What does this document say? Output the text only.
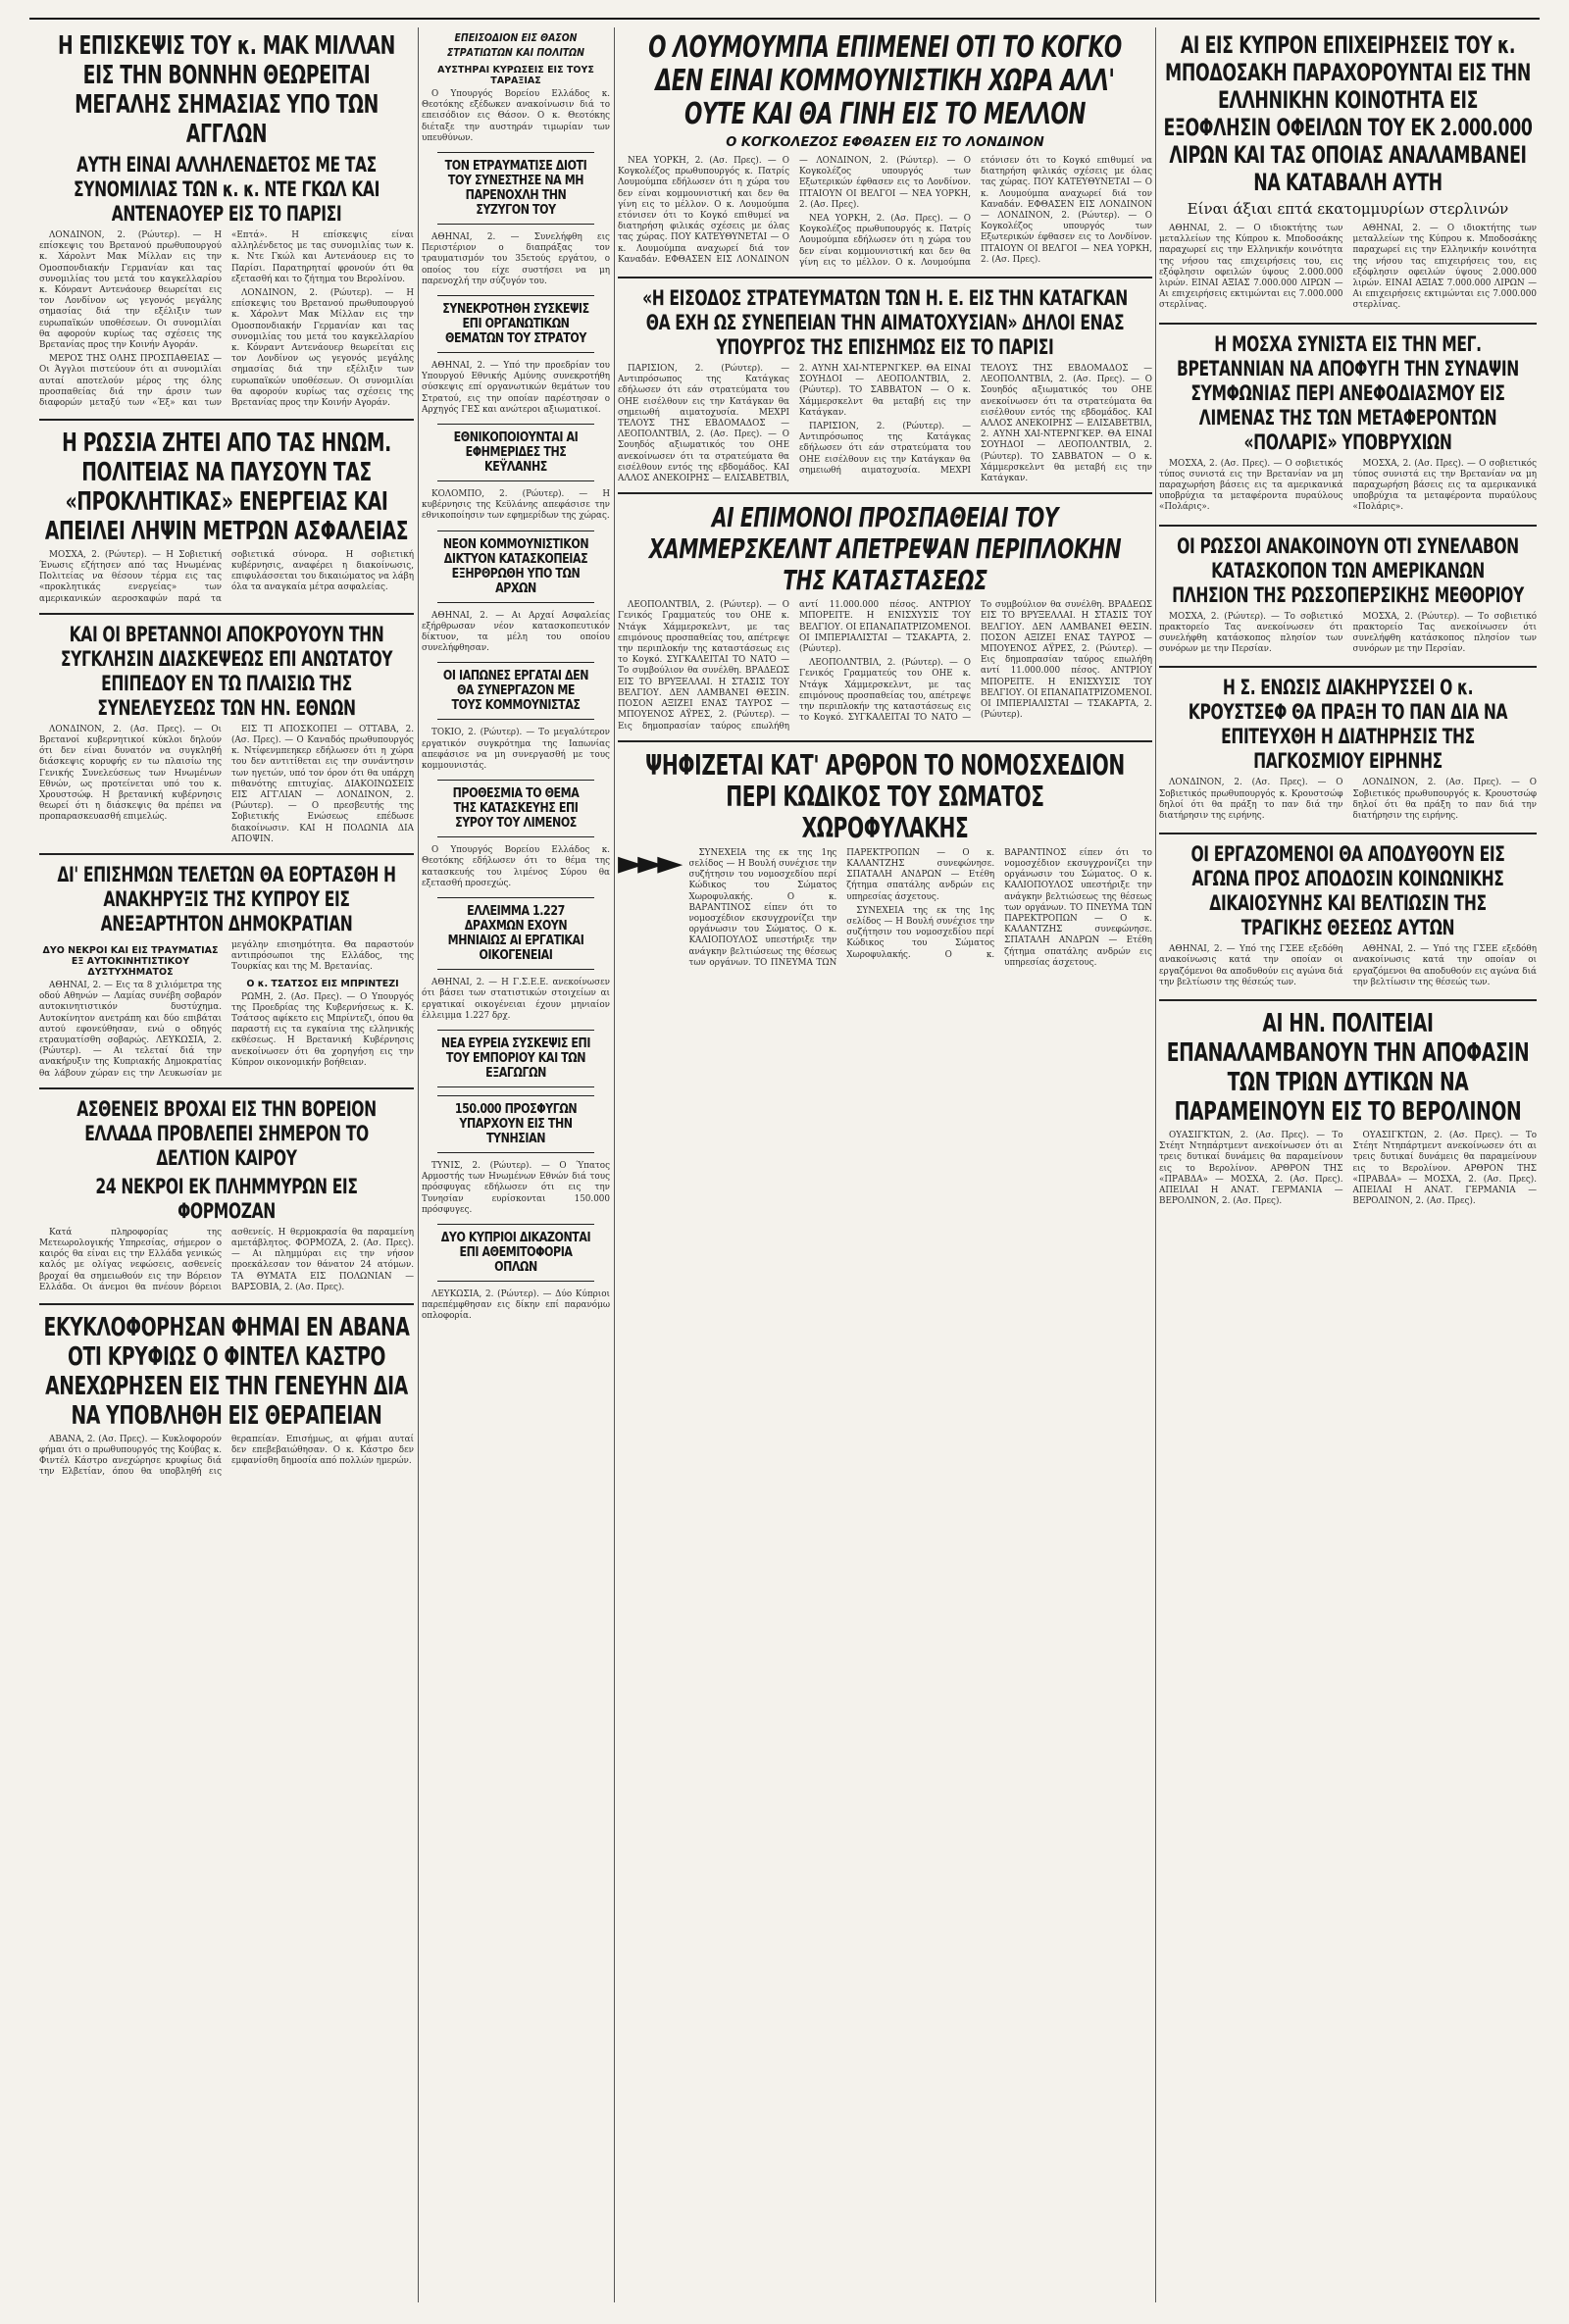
Η ΕΠΙΣΚΕΨΙΣ ΤΟΥ κ. ΜΑΚ ΜΙΛΛΑΝ ΕΙΣ ΤΗΝ ΒΟΝΝΗΝ ΘΕΩΡΕΙΤΑΙ ΜΕΓΑΛΗΣ ΣΗΜΑΣΙΑΣ ΥΠΟ ΤΩΝ ΑΓΓΛΩΝ
ΑΥΤΗ ΕΙΝΑΙ ΑΛΛΗΛΕΝΔΕΤΟΣ ΜΕ ΤΑΣ ΣΥΝΟΜΙΛΙΑΣ ΤΩΝ κ. κ. ΝΤΕ ΓΚΩΛ ΚΑΙ ΑΝΤΕΝΑΟΥΕΡ ΕΙΣ ΤΟ ΠΑΡΙΣΙ

ΛΟΝΔΙΝΟΝ, 2. (Ρώυτερ). — Η επίσκεψις του Βρετανού πρωθυπουργού κ. Χάρολντ Μακ Μίλλαν εις την Ομοσπονδιακήν Γερμανίαν και τας συνομιλίας του μετά του καγκελλαρίου κ. Κόνραντ Αντενάουερ θεωρείται εις τον Λονδίνον ως γεγονός μεγάλης σημασίας διά την εξέλιξιν των ευρωπαϊκών υποθέσεων. Οι συνομιλίαι θα αφορούν κυρίως τας σχέσεις της Βρετανίας προς την Κοινήν Αγοράν.

ΜΕΡΟΣ ΤΗΣ ΟΛΗΣ ΠΡΟΣΠΑΘΕΙΑΣ — Οι Άγγλοι πιστεύουν ότι αι συνομιλίαι αυταί αποτελούν μέρος της όλης προσπαθείας διά την άρσιν των διαφορών μεταξύ των «Έξ» και των «Επτά». Η επίσκεψις είναι αλληλένδετος με τας συνομιλίας των κ. κ. Ντε Γκώλ και Αντενάουερ εις το Παρίσι. Παρατηρηταί φρονούν ότι θα εξετασθή και το ζήτημα του Βερολίνου.

ΛΟΝΔΙΝΟΝ, 2. (Ρώυτερ). — Η επίσκεψις του Βρετανού πρωθυπουργού κ. Χάρολντ Μακ Μίλλαν εις την Ομοσπονδιακήν Γερμανίαν και τας συνομιλίας του μετά του καγκελλαρίου κ. Κόνραντ Αντενάουερ θεωρείται εις τον Λονδίνον ως γεγονός μεγάλης σημασίας διά την εξέλιξιν των ευρωπαϊκών υποθέσεων. Οι συνομιλίαι θα αφορούν κυρίως τας σχέσεις της Βρετανίας προς την Κοινήν Αγοράν.

Η ΡΩΣΣΙΑ ΖΗΤΕΙ ΑΠΟ ΤΑΣ ΗΝΩΜ. ΠΟΛΙΤΕΙΑΣ ΝΑ ΠΑΥΣΟΥΝ ΤΑΣ «ΠΡΟΚΛΗΤΙΚΑΣ» ΕΝΕΡΓΕΙΑΣ ΚΑΙ ΑΠΕΙΛΕΙ ΛΗΨΙΝ ΜΕΤΡΩΝ ΑΣΦΑΛΕΙΑΣ

ΜΟΣΧΑ, 2. (Ρώυτερ). — Η Σοβιετική Ένωσις εζήτησεν από τας Ηνωμένας Πολιτείας να θέσουν τέρμα εις τας «προκλητικάς ενεργείας» των αμερικανικών αεροσκαφών παρά τα σοβιετικά σύνορα. Η σοβιετική κυβέρνησις, αναφέρει η διακοίνωσις, επιφυλάσσεται του δικαιώματος να λάβη όλα τα αναγκαία μέτρα ασφαλείας.

ΚΑΙ ΟΙ ΒΡΕΤΑΝΝΟΙ ΑΠΟΚΡΟΥΟΥΝ ΤΗΝ ΣΥΓΚΛΗΣΙΝ ΔΙΑΣΚΕΨΕΩΣ ΕΠΙ ΑΝΩΤΑΤΟΥ ΕΠΙΠΕΔΟΥ ΕΝ ΤΩ ΠΛΑΙΣΙΩ ΤΗΣ ΣΥΝΕΛΕΥΣΕΩΣ ΤΩΝ ΗΝ. ΕΘΝΩΝ

ΛΟΝΔΙΝΟΝ, 2. (Ασ. Πρες). — Οι Βρετανοί κυβερνητικοί κύκλοι δηλούν ότι δεν είναι δυνατόν να συγκληθή διάσκεψις κορυφής εν τω πλαισίω της Γενικής Συνελεύσεως των Ηνωμένων Εθνών, ως προτείνεται υπό του κ. Χρουστσώφ. Η βρετανική κυβέρνησις θεωρεί ότι η διάσκεψις θα πρέπει να προπαρασκευασθή επιμελώς.

ΕΙΣ ΤΙ ΑΠΟΣΚΟΠΕΙ — ΟΤΤΑΒΑ, 2. (Ασ. Πρες). — Ο Καναδός πρωθυπουργός κ. Ντίφενμπεηκερ εδήλωσεν ότι η χώρα του δεν αντιτίθεται εις την συνάντησιν των ηγετών, υπό τον όρον ότι θα υπάρχη πιθανότης επιτυχίας. ΔΙΑΚΟΙΝΩΣΕΙΣ ΕΙΣ ΑΓΓΛΙΑΝ — ΛΟΝΔΙΝΟΝ, 2. (Ρώυτερ). — Ο πρεσβευτής της Σοβιετικής Ενώσεως επέδωσε διακοίνωσιν. ΚΑΙ Η ΠΟΛΩΝΙΑ ΔΙΑ ΑΠΟΨΙΝ.

ΔΙ' ΕΠΙΣΗΜΩΝ ΤΕΛΕΤΩΝ ΘΑ ΕΟΡΤΑΣΘΗ Η ΑΝΑΚΗΡΥΞΙΣ ΤΗΣ ΚΥΠΡΟΥ ΕΙΣ ΑΝΕΞΑΡΤΗΤΟΝ ΔΗΜΟΚΡΑΤΙΑΝ
ΔΥΟ ΝΕΚΡΟΙ ΚΑΙ ΕΙΣ ΤΡΑΥΜΑΤΙΑΣ ΕΞ ΑΥΤΟΚΙΝΗΤΙΣΤΙΚΟΥ ΔΥΣΤΥΧΗΜΑΤΟΣ

ΑΘΗΝΑΙ, 2. — Εις τα 8 χιλιόμετρα της οδού Αθηνών — Λαμίας συνέβη σοβαρόν αυτοκινητιστικόν δυστύχημα. Αυτοκίνητον ανετράπη και δύο επιβάται αυτού εφονεύθησαν, ενώ ο οδηγός ετραυματίσθη σοβαρώς. ΛΕΥΚΩΣΙΑ, 2. (Ρώυτερ). — Αι τελεταί διά την ανακήρυξιν της Κυπριακής Δημοκρατίας θα λάβουν χώραν εις την Λευκωσίαν με μεγάλην επισημότητα. Θα παραστούν αντιπρόσωποι της Ελλάδος, της Τουρκίας και της Μ. Βρετανίας.

Ο κ. ΤΣΑΤΣΟΣ ΕΙΣ ΜΠΡΙΝΤΕΖΙ

ΡΩΜΗ, 2. (Ασ. Πρες). — Ο Υπουργός της Προεδρίας της Κυβερνήσεως κ. Κ. Τσάτσος αφίκετο εις Μπρίντεζι, όπου θα παραστή εις τα εγκαίνια της ελληνικής εκθέσεως. Η Βρετανική Κυβέρνησις ανεκοίνωσεν ότι θα χορηγήση εις την Κύπρον οικονομικήν βοήθειαν.

ΑΣΘΕΝΕΙΣ ΒΡΟΧΑΙ ΕΙΣ ΤΗΝ ΒΟΡΕΙΟΝ ΕΛΛΑΔΑ ΠΡΟΒΛΕΠΕΙ ΣΗΜΕΡΟΝ ΤΟ ΔΕΛΤΙΟΝ ΚΑΙΡΟΥ
24 ΝΕΚΡΟΙ ΕΚ ΠΛΗΜΜΥΡΩΝ ΕΙΣ ΦΟΡΜΟΖΑΝ

Κατά πληροφορίας της Μετεωρολογικής Υπηρεσίας, σήμερον ο καιρός θα είναι εις την Ελλάδα γενικώς καλός με ολίγας νεφώσεις, ασθενείς βροχαί θα σημειωθούν εις την Βόρειον Ελλάδα. Οι άνεμοι θα πνέουν βόρειοι ασθενείς. Η θερμοκρασία θα παραμείνη αμετάβλητος. ΦΟΡΜΟΖΑ, 2. (Ασ. Πρες). — Αι πλημμύραι εις την νήσον προεκάλεσαν τον θάνατον 24 ατόμων. ΤΑ ΘΥΜΑΤΑ ΕΙΣ ΠΟΛΩΝΙΑΝ — ΒΑΡΣΟΒΙΑ, 2. (Ασ. Πρες).

ΕΚΥΚΛΟΦΟΡΗΣΑΝ ΦΗΜΑΙ ΕΝ ΑΒΑΝΑ ΟΤΙ ΚΡΥΦΙΩΣ Ο ΦΙΝΤΕΛ ΚΑΣΤΡΟ ΑΝΕΧΩΡΗΣΕΝ ΕΙΣ ΤΗΝ ΓΕΝΕΥΗΝ ΔΙΑ ΝΑ ΥΠΟΒΛΗΘΗ ΕΙΣ ΘΕΡΑΠΕΙΑΝ

ΑΒΑΝΑ, 2. (Ασ. Πρες). — Κυκλοφορούν φήμαι ότι ο πρωθυπουργός της Κούβας κ. Φιντέλ Κάστρο ανεχώρησε κρυφίως διά την Ελβετίαν, όπου θα υποβληθή εις θεραπείαν. Επισήμως, αι φήμαι αυταί δεν επεβεβαιώθησαν. Ο κ. Κάστρο δεν εμφανίσθη δημοσία από πολλών ημερών.

ΕΠΕΙΣΟΔΙΟΝ ΕΙΣ ΘΑΣΟΝ ΣΤΡΑΤΙΩΤΩΝ ΚΑΙ ΠΟΛΙΤΩΝ
ΑΥΣΤΗΡΑΙ ΚΥΡΩΣΕΙΣ ΕΙΣ ΤΟΥΣ ΤΑΡΑΞΙΑΣ

Ο Υπουργός Βορείου Ελλάδος κ. Θεοτόκης εξέδωκεν ανακοίνωσιν διά το επεισόδιον εις Θάσον. Ο κ. Θεοτόκης διέταξε την αυστηράν τιμωρίαν των υπευθύνων.

ΤΟΝ ΕΤΡΑΥΜΑΤΙΣΕ ΔΙΟΤΙ ΤΟΥ ΣΥΝΕΣΤΗΣΕ ΝΑ ΜΗ ΠΑΡΕΝΟΧΛΗ ΤΗΝ ΣΥΖΥΓΟΝ ΤΟΥ

ΑΘΗΝΑΙ, 2. — Συνελήφθη εις Περιστέριον ο διαπράξας τον τραυματισμόν του 35ετούς εργάτου, ο οποίος του είχε συστήσει να μη παρενοχλή την σύζυγόν του.

ΣΥΝΕΚΡΟΤΗΘΗ ΣΥΣΚΕΨΙΣ ΕΠΙ ΟΡΓΑΝΩΤΙΚΩΝ ΘΕΜΑΤΩΝ ΤΟΥ ΣΤΡΑΤΟΥ

ΑΘΗΝΑΙ, 2. — Υπό την προεδρίαν του Υπουργού Εθνικής Αμύνης συνεκροτήθη σύσκεψις επί οργανωτικών θεμάτων του Στρατού, εις την οποίαν παρέστησαν ο Αρχηγός ΓΕΣ και ανώτεροι αξιωματικοί.

ΕΘΝΙΚΟΠΟΙΟΥΝΤΑΙ ΑΙ ΕΦΗΜΕΡΙΔΕΣ ΤΗΣ ΚΕΫΛΑΝΗΣ

ΚΟΛΟΜΠΟ, 2. (Ρώυτερ). — Η κυβέρνησις της Κεϋλάνης απεφάσισε την εθνικοποίησιν των εφημερίδων της χώρας.

ΝΕΟΝ ΚΟΜΜΟΥΝΙΣΤΙΚΟΝ ΔΙΚΤΥΟΝ ΚΑΤΑΣΚΟΠΕΙΑΣ ΕΞΗΡΘΡΩΘΗ ΥΠΟ ΤΩΝ ΑΡΧΩΝ

ΑΘΗΝΑΙ, 2. — Αι Αρχαί Ασφαλείας εξήρθρωσαν νέον κατασκοπευτικόν δίκτυον, τα μέλη του οποίου συνελήφθησαν.

ΟΙ ΙΑΠΩΝΕΣ ΕΡΓΑΤΑΙ ΔΕΝ ΘΑ ΣΥΝΕΡΓΑΖΟΝ ΜΕ ΤΟΥΣ ΚΟΜΜΟΥΝΙΣΤΑΣ

ΤΟΚΙΟ, 2. (Ρώυτερ). — Το μεγαλύτερον εργατικόν συγκρότημα της Ιαπωνίας απεφάσισε να μη συνεργασθή με τους κομμουνιστάς.

ΠΡΟΘΕΣΜΙΑ ΤΟ ΘΕΜΑ ΤΗΣ ΚΑΤΑΣΚΕΥΗΣ ΕΠΙ ΣΥΡΟΥ ΤΟΥ ΛΙΜΕΝΟΣ

Ο Υπουργός Βορείου Ελλάδος κ. Θεοτόκης εδήλωσεν ότι το θέμα της κατασκευής του λιμένος Σύρου θα εξετασθή προσεχώς.

ΕΛΛΕΙΜΜΑ 1.227 ΔΡΑΧΜΩΝ ΕΧΟΥΝ ΜΗΝΙΑΙΩΣ ΑΙ ΕΡΓΑΤΙΚΑΙ ΟΙΚΟΓΕΝΕΙΑΙ

ΑΘΗΝΑΙ, 2. — Η Γ.Σ.Ε.Ε. ανεκοίνωσεν ότι βάσει των στατιστικών στοιχείων αι εργατικαί οικογένειαι έχουν μηνιαίον έλλειμμα 1.227 δρχ.

ΝΕΑ ΕΥΡΕΙΑ ΣΥΣΚΕΨΙΣ ΕΠΙ ΤΟΥ ΕΜΠΟΡΙΟΥ ΚΑΙ ΤΩΝ ΕΞΑΓΩΓΩΝ
150.000 ΠΡΟΣΦΥΓΩΝ ΥΠΑΡΧΟΥΝ ΕΙΣ ΤΗΝ ΤΥΝΗΣΙΑΝ

ΤΥΝΙΣ, 2. (Ρώυτερ). — Ο Ύπατος Αρμοστής των Ηνωμένων Εθνών διά τους πρόσφυγας εδήλωσεν ότι εις την Τυνησίαν ευρίσκονται 150.000 πρόσφυγες.

ΔΥΟ ΚΥΠΡΙΟΙ ΔΙΚΑΖΟΝΤΑΙ ΕΠΙ ΑΘΕΜΙΤΟΦΟΡΙΑ ΟΠΛΩΝ

ΛΕΥΚΩΣΙΑ, 2. (Ρώυτερ). — Δύο Κύπριοι παρεπέμφθησαν εις δίκην επί παρανόμω οπλοφορία.

Ο ΛΟΥΜΟΥΜΠΑ ΕΠΙΜΕΝΕΙ ΟΤΙ ΤΟ ΚΟΓΚΟ ΔΕΝ ΕΙΝΑΙ ΚΟΜΜΟΥΝΙΣΤΙΚΗ ΧΩΡΑ ΑΛΛ' ΟΥΤΕ ΚΑΙ ΘΑ ΓΙΝΗ ΕΙΣ ΤΟ ΜΕΛΛΟΝ
Ο ΚΟΓΚΟΛΕΖΟΣ ΕΦΘΑΣΕΝ ΕΙΣ ΤΟ ΛΟΝΔΙΝΟΝ

ΝΕΑ ΥΟΡΚΗ, 2. (Ασ. Πρες). — Ο Κογκολέζος πρωθυπουργός κ. Πατρίς Λουμούμπα εδήλωσεν ότι η χώρα του δεν είναι κομμουνιστική και δεν θα γίνη εις το μέλλον. Ο κ. Λουμούμπα ετόνισεν ότι το Κογκό επιθυμεί να διατηρήση φιλικάς σχέσεις με όλας τας χώρας. ΠΟΥ ΚΑΤΕΥΘΥΝΕΤΑΙ — Ο κ. Λουμούμπα αναχωρεί διά τον Καναδάν. ΕΦΘΑΣΕΝ ΕΙΣ ΛΟΝΔΙΝΟΝ — ΛΟΝΔΙΝΟΝ, 2. (Ρώυτερ). — Ο Κογκολέζος υπουργός των Εξωτερικών έφθασεν εις το Λονδίνον. ΠΤΑΙΟΥΝ ΟΙ ΒΕΛΓΟΙ — ΝΕΑ ΥΟΡΚΗ, 2. (Ασ. Πρες).

ΝΕΑ ΥΟΡΚΗ, 2. (Ασ. Πρες). — Ο Κογκολέζος πρωθυπουργός κ. Πατρίς Λουμούμπα εδήλωσεν ότι η χώρα του δεν είναι κομμουνιστική και δεν θα γίνη εις το μέλλον. Ο κ. Λουμούμπα ετόνισεν ότι το Κογκό επιθυμεί να διατηρήση φιλικάς σχέσεις με όλας τας χώρας. ΠΟΥ ΚΑΤΕΥΘΥΝΕΤΑΙ — Ο κ. Λουμούμπα αναχωρεί διά τον Καναδάν. ΕΦΘΑΣΕΝ ΕΙΣ ΛΟΝΔΙΝΟΝ — ΛΟΝΔΙΝΟΝ, 2. (Ρώυτερ). — Ο Κογκολέζος υπουργός των Εξωτερικών έφθασεν εις το Λονδίνον. ΠΤΑΙΟΥΝ ΟΙ ΒΕΛΓΟΙ — ΝΕΑ ΥΟΡΚΗ, 2. (Ασ. Πρες).

«Η ΕΙΣΟΔΟΣ ΣΤΡΑΤΕΥΜΑΤΩΝ ΤΩΝ Η. Ε. ΕΙΣ ΤΗΝ ΚΑΤΑΓΚΑΝ ΘΑ ΕΧΗ ΩΣ ΣΥΝΕΠΕΙΑΝ ΤΗΝ ΑΙΜΑΤΟΧΥΣΙΑΝ» ΔΗΛΟΙ ΕΝΑΣ ΥΠΟΥΡΓΟΣ ΤΗΣ ΕΠΙΣΗΜΩΣ ΕΙΣ ΤΟ ΠΑΡΙΣΙ

ΠΑΡΙΣΙΟΝ, 2. (Ρώυτερ). — Αντιπρόσωπος της Κατάγκας εδήλωσεν ότι εάν στρατεύματα του ΟΗΕ εισέλθουν εις την Κατάγκαν θα σημειωθή αιματοχυσία. ΜΕΧΡΙ ΤΕΛΟΥΣ ΤΗΣ ΕΒΔΟΜΑΔΟΣ — ΛΕΟΠΟΛΝΤΒΙΛ, 2. (Ασ. Πρες). — Ο Σουηδός αξιωματικός του ΟΗΕ ανεκοίνωσεν ότι τα στρατεύματα θα εισέλθουν εντός της εβδομάδος. ΚΑΙ ΑΛΛΟΣ ΑΝΕΚΟΙΡΗΣ — ΕΛΙΣΑΒΕΤΒΙΛ, 2. ΑΥΝΗ ΧΑΙ-ΝΤΕΡΝΓΚΕΡ. ΘΑ ΕΙΝΑΙ ΣΟΥΗΔΟΙ — ΛΕΟΠΟΛΝΤΒΙΛ, 2. (Ρώυτερ). ΤΟ ΣΑΒΒΑΤΟΝ — Ο κ. Χάμμερσκελντ θα μεταβή εις την Κατάγκαν.

ΠΑΡΙΣΙΟΝ, 2. (Ρώυτερ). — Αντιπρόσωπος της Κατάγκας εδήλωσεν ότι εάν στρατεύματα του ΟΗΕ εισέλθουν εις την Κατάγκαν θα σημειωθή αιματοχυσία. ΜΕΧΡΙ ΤΕΛΟΥΣ ΤΗΣ ΕΒΔΟΜΑΔΟΣ — ΛΕΟΠΟΛΝΤΒΙΛ, 2. (Ασ. Πρες). — Ο Σουηδός αξιωματικός του ΟΗΕ ανεκοίνωσεν ότι τα στρατεύματα θα εισέλθουν εντός της εβδομάδος. ΚΑΙ ΑΛΛΟΣ ΑΝΕΚΟΙΡΗΣ — ΕΛΙΣΑΒΕΤΒΙΛ, 2. ΑΥΝΗ ΧΑΙ-ΝΤΕΡΝΓΚΕΡ. ΘΑ ΕΙΝΑΙ ΣΟΥΗΔΟΙ — ΛΕΟΠΟΛΝΤΒΙΛ, 2. (Ρώυτερ). ΤΟ ΣΑΒΒΑΤΟΝ — Ο κ. Χάμμερσκελντ θα μεταβή εις την Κατάγκαν.

ΑΙ ΕΠΙΜΟΝΟΙ ΠΡΟΣΠΑΘΕΙΑΙ ΤΟΥ ΧΑΜΜΕΡΣΚΕΛΝΤ ΑΠΕΤΡΕΨΑΝ ΠΕΡΙΠΛΟΚΗΝ ΤΗΣ ΚΑΤΑΣΤΑΣΕΩΣ

ΛΕΟΠΟΛΝΤΒΙΛ, 2. (Ρώυτερ). — Ο Γενικός Γραμματεύς του ΟΗΕ κ. Ντάγκ Χάμμερσκελντ, με τας επιμόνους προσπαθείας του, απέτρεψε την περιπλοκήν της καταστάσεως εις το Κογκό. ΣΥΓΚΑΛΕΙΤΑΙ ΤΟ ΝΑΤΟ — Το συμβούλιον θα συνέλθη. ΒΡΑΔΕΩΣ ΕΙΣ ΤΟ ΒΡΥΞΕΛΛΑΙ. Η ΣΤΑΣΙΣ ΤΟΥ ΒΕΛΓΙΟΥ. ΔΕΝ ΛΑΜΒΑΝΕΙ ΘΕΣΙΝ. ΠΟΣΟΝ ΑΞΙΖΕΙ ΕΝΑΣ ΤΑΥΡΟΣ — ΜΠΟΥΕΝΟΣ ΑΫΡΕΣ, 2. (Ρώυτερ). — Εις δημοπρασίαν ταύρος επωλήθη αντί 11.000.000 πέσος. ΑΝΤΡΙΟΥ ΜΠΟΡΕΙΤΕ. Η ΕΝΙΣΧΥΣΙΣ ΤΟΥ ΒΕΛΓΙΟΥ. ΟΙ ΕΠΑΝΑΠΑΤΡΙΖΟΜΕΝΟΙ. ΟΙ ΙΜΠΕΡΙΑΛΙΣΤΑΙ — ΤΣΑΚΑΡΤΑ, 2. (Ρώυτερ).

ΛΕΟΠΟΛΝΤΒΙΛ, 2. (Ρώυτερ). — Ο Γενικός Γραμματεύς του ΟΗΕ κ. Ντάγκ Χάμμερσκελντ, με τας επιμόνους προσπαθείας του, απέτρεψε την περιπλοκήν της καταστάσεως εις το Κογκό. ΣΥΓΚΑΛΕΙΤΑΙ ΤΟ ΝΑΤΟ — Το συμβούλιον θα συνέλθη. ΒΡΑΔΕΩΣ ΕΙΣ ΤΟ ΒΡΥΞΕΛΛΑΙ. Η ΣΤΑΣΙΣ ΤΟΥ ΒΕΛΓΙΟΥ. ΔΕΝ ΛΑΜΒΑΝΕΙ ΘΕΣΙΝ. ΠΟΣΟΝ ΑΞΙΖΕΙ ΕΝΑΣ ΤΑΥΡΟΣ — ΜΠΟΥΕΝΟΣ ΑΫΡΕΣ, 2. (Ρώυτερ). — Εις δημοπρασίαν ταύρος επωλήθη αντί 11.000.000 πέσος. ΑΝΤΡΙΟΥ ΜΠΟΡΕΙΤΕ. Η ΕΝΙΣΧΥΣΙΣ ΤΟΥ ΒΕΛΓΙΟΥ. ΟΙ ΕΠΑΝΑΠΑΤΡΙΖΟΜΕΝΟΙ. ΟΙ ΙΜΠΕΡΙΑΛΙΣΤΑΙ — ΤΣΑΚΑΡΤΑ, 2. (Ρώυτερ).

ΨΗΦΙΖΕΤΑΙ ΚΑΤ' ΑΡΘΡΟΝ ΤΟ ΝΟΜΟΣΧΕΔΙΟΝ ΠΕΡΙ ΚΩΔΙΚΟΣ ΤΟΥ ΣΩΜΑΤΟΣ ΧΩΡΟΦΥΛΑΚΗΣ
►►►	ΣΥΝΕΧΕΙΑ της εκ της 1ης σελίδος — Η Βουλή συνέχισε την συζήτησιν του νομοσχεδίου περί Κώδικος του Σώματος Χωροφυλακής. Ο κ. ΒΑΡΑΝΤΙΝΟΣ είπεν ότι το νομοσχέδιον εκσυγχρονίζει την οργάνωσιν του Σώματος. Ο κ. ΚΑΛΙΟΠΟΥΛΟΣ υπεστήριξε την ανάγκην βελτιώσεως της θέσεως των οργάνων. ΤΟ ΠΝΕΥΜΑ ΤΩΝ ΠΑΡΕΚΤΡΟΠΩΝ — Ο κ. ΚΑΛΑΝΤΖΗΣ συνεφώνησε. ΣΠΑΤΑΛΗ ΑΝΔΡΩΝ — Ετέθη ζήτημα σπατάλης ανδρών εις υπηρεσίας άσχετους.

ΣΥΝΕΧΕΙΑ της εκ της 1ης σελίδος — Η Βουλή συνέχισε την συζήτησιν του νομοσχεδίου περί Κώδικος του Σώματος Χωροφυλακής. Ο κ. ΒΑΡΑΝΤΙΝΟΣ είπεν ότι το νομοσχέδιον εκσυγχρονίζει την οργάνωσιν του Σώματος. Ο κ. ΚΑΛΙΟΠΟΥΛΟΣ υπεστήριξε την ανάγκην βελτιώσεως της θέσεως των οργάνων. ΤΟ ΠΝΕΥΜΑ ΤΩΝ ΠΑΡΕΚΤΡΟΠΩΝ — Ο κ. ΚΑΛΑΝΤΖΗΣ συνεφώνησε. ΣΠΑΤΑΛΗ ΑΝΔΡΩΝ — Ετέθη ζήτημα σπατάλης ανδρών εις υπηρεσίας άσχετους.

ΑΙ ΕΙΣ ΚΥΠΡΟΝ ΕΠΙΧΕΙΡΗΣΕΙΣ ΤΟΥ κ. ΜΠΟΔΟΣΑΚΗ ΠΑΡΑΧΟΡΟΥΝΤΑΙ ΕΙΣ ΤΗΝ ΕΛΛΗΝΙΚΗΝ ΚΟΙΝΟΤΗΤΑ ΕΙΣ ΕΞΟΦΛΗΣΙΝ ΟΦΕΙΛΩΝ ΤΟΥ ΕΚ 2.000.000 ΛΙΡΩΝ ΚΑΙ ΤΑΣ ΟΠΟΙΑΣ ΑΝΑΛΑΜΒΑΝΕΙ ΝΑ ΚΑΤΑΒΑΛΗ ΑΥΤΗ
Είναι άξιαι επτά εκατομμυρίων στερλινών

ΑΘΗΝΑΙ, 2. — Ο ιδιοκτήτης των μεταλλείων της Κύπρου κ. Μποδοσάκης παραχωρεί εις την Ελληνικήν κοινότητα της νήσου τας επιχειρήσεις του, εις εξόφλησιν οφειλών ύψους 2.000.000 λιρών. ΕΙΝΑΙ ΑΞΙΑΣ 7.000.000 ΛΙΡΩΝ — Αι επιχειρήσεις εκτιμώνται εις 7.000.000 στερλίνας.

ΑΘΗΝΑΙ, 2. — Ο ιδιοκτήτης των μεταλλείων της Κύπρου κ. Μποδοσάκης παραχωρεί εις την Ελληνικήν κοινότητα της νήσου τας επιχειρήσεις του, εις εξόφλησιν οφειλών ύψους 2.000.000 λιρών. ΕΙΝΑΙ ΑΞΙΑΣ 7.000.000 ΛΙΡΩΝ — Αι επιχειρήσεις εκτιμώνται εις 7.000.000 στερλίνας.

Η ΜΟΣΧΑ ΣΥΝΙΣΤΑ ΕΙΣ ΤΗΝ ΜΕΓ. ΒΡΕΤΑΝΝΙΑΝ ΝΑ ΑΠΟΦΥΓΗ ΤΗΝ ΣΥΝΑΨΙΝ ΣΥΜΦΩΝΙΑΣ ΠΕΡΙ ΑΝΕΦΟΔΙΑΣΜΟΥ ΕΙΣ ΛΙΜΕΝΑΣ ΤΗΣ ΤΩΝ ΜΕΤΑΦΕΡΟΝΤΩΝ «ΠΟΛΑΡΙΣ» ΥΠΟΒΡΥΧΙΩΝ

ΜΟΣΧΑ, 2. (Ασ. Πρες). — Ο σοβιετικός τύπος συνιστά εις την Βρετανίαν να μη παραχωρήση βάσεις εις τα αμερικανικά υποβρύχια τα μεταφέροντα πυραύλους «Πολάρις».

ΜΟΣΧΑ, 2. (Ασ. Πρες). — Ο σοβιετικός τύπος συνιστά εις την Βρετανίαν να μη παραχωρήση βάσεις εις τα αμερικανικά υποβρύχια τα μεταφέροντα πυραύλους «Πολάρις».

ΟΙ ΡΩΣΣΟΙ ΑΝΑΚΟΙΝΟΥΝ ΟΤΙ ΣΥΝΕΛΑΒΟΝ ΚΑΤΑΣΚΟΠΟΝ ΤΩΝ ΑΜΕΡΙΚΑΝΩΝ ΠΛΗΣΙΟΝ ΤΗΣ ΡΩΣΣΟΠΕΡΣΙΚΗΣ ΜΕΘΟΡΙΟΥ

ΜΟΣΧΑ, 2. (Ρώυτερ). — Το σοβιετικό πρακτορείο Τας ανεκοίνωσεν ότι συνελήφθη κατάσκοπος πλησίον των συνόρων με την Περσίαν.

ΜΟΣΧΑ, 2. (Ρώυτερ). — Το σοβιετικό πρακτορείο Τας ανεκοίνωσεν ότι συνελήφθη κατάσκοπος πλησίον των συνόρων με την Περσίαν.

Η Σ. ΕΝΩΣΙΣ ΔΙΑΚΗΡΥΣΣΕΙ Ο κ. ΚΡΟΥΣΤΣΕΦ ΘΑ ΠΡΑΞΗ ΤΟ ΠΑΝ ΔΙΑ ΝΑ ΕΠΙΤΕΥΧΘΗ Η ΔΙΑΤΗΡΗΣΙΣ ΤΗΣ ΠΑΓΚΟΣΜΙΟΥ ΕΙΡΗΝΗΣ

ΛΟΝΔΙΝΟΝ, 2. (Ασ. Πρες). — Ο Σοβιετικός πρωθυπουργός κ. Κρουστσώφ δηλοί ότι θα πράξη το παν διά την διατήρησιν της ειρήνης.

ΛΟΝΔΙΝΟΝ, 2. (Ασ. Πρες). — Ο Σοβιετικός πρωθυπουργός κ. Κρουστσώφ δηλοί ότι θα πράξη το παν διά την διατήρησιν της ειρήνης.

ΟΙ ΕΡΓΑΖΟΜΕΝΟΙ ΘΑ ΑΠΟΔΥΘΟΥΝ ΕΙΣ ΑΓΩΝΑ ΠΡΟΣ ΑΠΟΔΟΣΙΝ ΚΟΙΝΩΝΙΚΗΣ ΔΙΚΑΙΟΣΥΝΗΣ ΚΑΙ ΒΕΛΤΙΩΣΙΝ ΤΗΣ ΤΡΑΓΙΚΗΣ ΘΕΣΕΩΣ ΑΥΤΩΝ

ΑΘΗΝΑΙ, 2. — Υπό της ΓΣΕΕ εξεδόθη ανακοίνωσις κατά την οποίαν οι εργαζόμενοι θα αποδυθούν εις αγώνα διά την βελτίωσιν της θέσεώς των.

ΑΘΗΝΑΙ, 2. — Υπό της ΓΣΕΕ εξεδόθη ανακοίνωσις κατά την οποίαν οι εργαζόμενοι θα αποδυθούν εις αγώνα διά την βελτίωσιν της θέσεώς των.

ΑΙ ΗΝ. ΠΟΛΙΤΕΙΑΙ ΕΠΑΝΑΛΑΜΒΑΝΟΥΝ ΤΗΝ ΑΠΟΦΑΣΙΝ ΤΩΝ ΤΡΙΩΝ ΔΥΤΙΚΩΝ ΝΑ ΠΑΡΑΜΕΙΝΟΥΝ ΕΙΣ ΤΟ ΒΕΡΟΛΙΝΟΝ

ΟΥΑΣΙΓΚΤΩΝ, 2. (Ασ. Πρες). — Το Στέητ Ντηπάρτμεντ ανεκοίνωσεν ότι αι τρεις δυτικαί δυνάμεις θα παραμείνουν εις το Βερολίνον. ΑΡΘΡΟΝ ΤΗΣ «ΠΡΑΒΔΑ» — ΜΟΣΧΑ, 2. (Ασ. Πρες). ΑΠΕΙΛΑΙ Η ΑΝΑΤ. ΓΕΡΜΑΝΙΑ — ΒΕΡΟΛΙΝΟΝ, 2. (Ασ. Πρες).

ΟΥΑΣΙΓΚΤΩΝ, 2. (Ασ. Πρες). — Το Στέητ Ντηπάρτμεντ ανεκοίνωσεν ότι αι τρεις δυτικαί δυνάμεις θα παραμείνουν εις το Βερολίνον. ΑΡΘΡΟΝ ΤΗΣ «ΠΡΑΒΔΑ» — ΜΟΣΧΑ, 2. (Ασ. Πρες). ΑΠΕΙΛΑΙ Η ΑΝΑΤ. ΓΕΡΜΑΝΙΑ — ΒΕΡΟΛΙΝΟΝ, 2. (Ασ. Πρες).
